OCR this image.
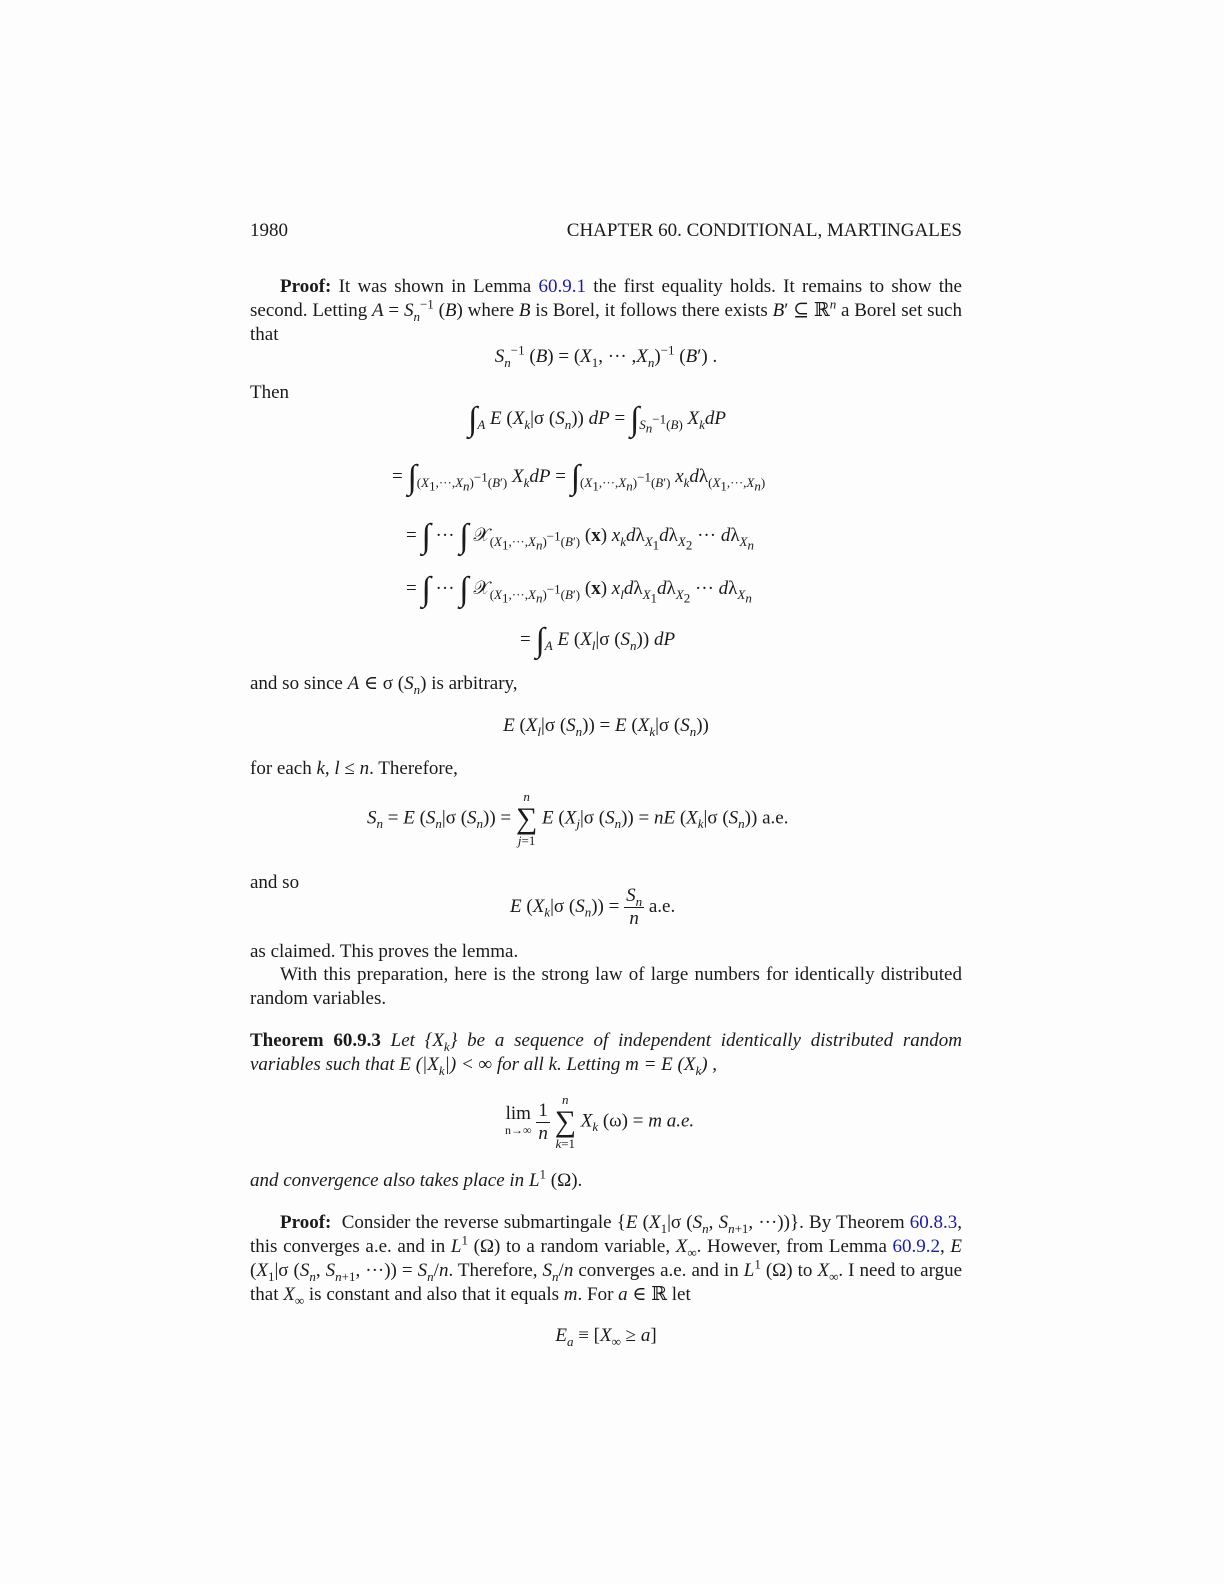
1980	CHAPTER 60. CONDITIONAL, MARTINGALES
Proof: It was shown in Lemma 60.9.1 the first equality holds. It remains to show the second. Letting $A = S_n^{-1}$ (B) where B is Borel, it follows there exists B′ ⊆ ℝ$^n$ a Borel set such that
$S_n^{-1}$ $(B) = (X_1$, ··· $,X_n)^{-1}$ (B′) .
Then
$\int_A$ E ($X_k|\sigma$ $(S_n)$) dP = $\int_{S_n^{-1}(B)}$ $X_kdP$
= $\int_{(X_1,\cdot\cdot\cdot,X_n)^{-1}(B')}$ $X_kdP = \int_{(X_1,\cdot\cdot\cdot,X_n)^{-1}(B')}$ $x_kd\lambda_{(X_1,\cdot\cdot\cdot,X_n)}$
= ∫ ··· ∫ 𝒳$_{(X_1,\cdot\cdot\cdot,X_n)^{-1}(B')}$ (x) $x_kd\lambda_{X_1}d\lambda_{X_2}$ ··· $d\lambda_{X_n}$
= ∫ ··· ∫ 𝒳$_{(X_1,\cdot\cdot\cdot,X_n)^{-1}(B')}$ (x) $x_ld\lambda_{X_1}d\lambda_{X_2}$ ··· $d\lambda_{X_n}$
= $\int_A$ E ($X_l|\sigma$ $(S_n)$) dP
and so since A ∈ σ $(S_n)$ is arbitrary,
E ($X_l|\sigma$ $(S_n)) = E$ ($X_k|\sigma$ $(S_n)$)
for each k, l ≤ n. Therefore,
$S_n = E$ ($S_n|\sigma$ $(S_n)$) =
n
∑
j=1
E ($X_j|\sigma$ $(S_n)$) = nE ($X_k|\sigma$ $(S_n)$) a.e.
and so
E ($X_k|\sigma$ $(S_n)) = \frac{S_n}{n} a.e$.
as claimed. This proves the lemma.
With this preparation, here is the strong law of large numbers for identically distributed random variables.
Theorem 60.9.3 Let $\{X_k\}$ be a sequence of independent identically distributed random variables such that E $(|X_k|)$ < ∞ for all k. Letting m = E $(X_k)$ ,
lim
n→∞
$\frac{1}{n}$
n
∑
k=1
$X_k$ (ω) = m a.e.
and convergence also takes place in $L^1$ (Ω).
Proof: Consider the reverse submartingale {E ($X_1|\sigma$ ($S_n$, $S_{n+1}$, ···))}. By Theorem 60.8.3, this converges a.e. and in $L^1$ (Ω) to a random variable, $X_\infty$. However, from Lemma 60.9.2, E ($X_1|\sigma$ ($S_n$, $S_{n+1}$, ···)) = $S_n/n$. Therefore, $S_n/n$ converges a.e. and in $L^1$ (Ω) to $X_\infty$. I need to argue that $X_\infty$ is constant and also that it equals m. For a ∈ ℝ let
$E_a \equiv [X_\infty \ge a]$
